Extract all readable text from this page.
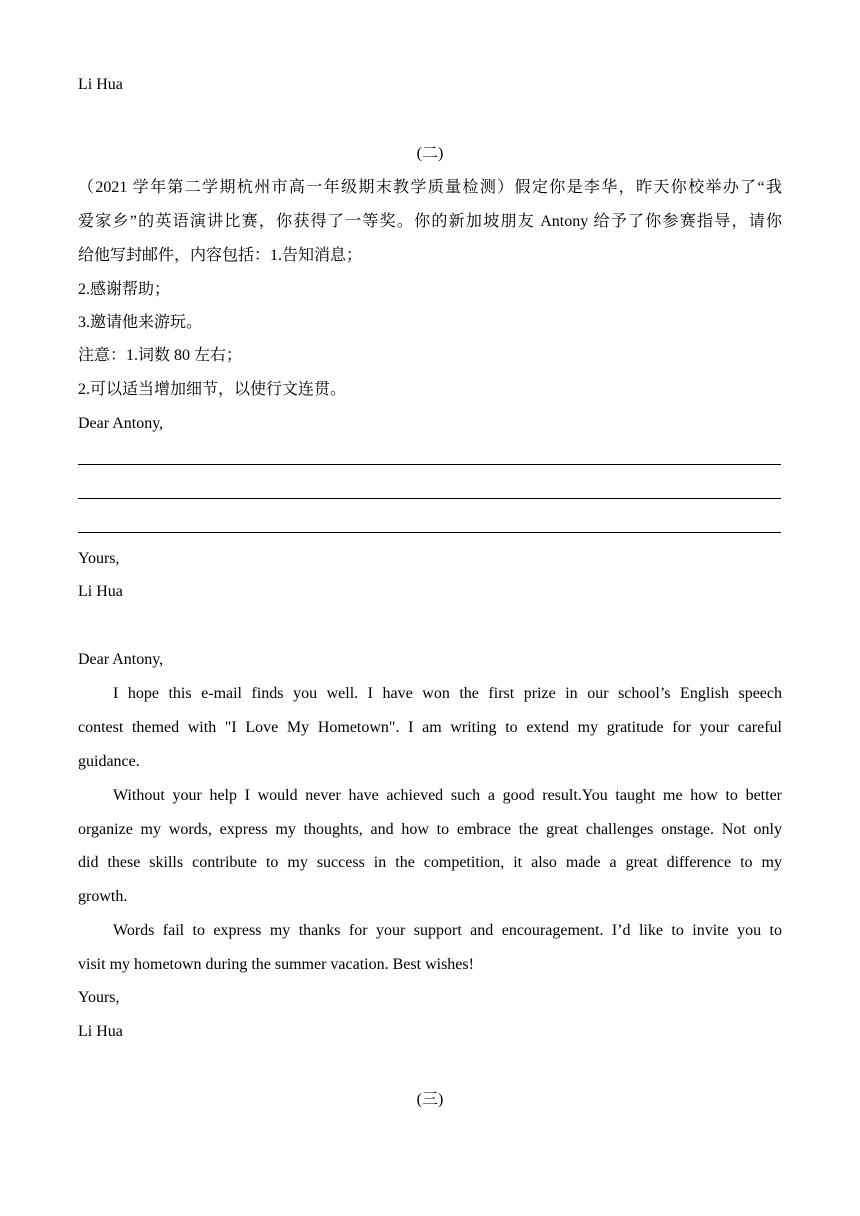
Li Hua
(二)
（2021 学年第二学期杭州市高一年级期末教学质量检测）假定你是李华，昨天你校举办了“我
爱家乡”的英语演讲比赛，你获得了一等奖。你的新加坡朋友 Antony 给予了你参赛指导，请你
给他写封邮件，内容包括：1.告知消息；
2.感谢帮助；
3.邀请他来游玩。
注意：1.词数 80 左右；
2.可以适当增加细节，以使行文连贯。
Dear Antony,
Yours,
Li Hua
Dear Antony,
I hope this e-mail finds you well. I have won the first prize in our school’s English speech
contest themed with "I Love My Hometown". I am writing to extend my gratitude for your careful
guidance.
Without your help I would never have achieved such a good result.You taught me how to better
organize my words, express my thoughts, and how to embrace the great challenges onstage. Not only
did these skills contribute to my success in the competition, it also made a great difference to my
growth.
Words fail to express my thanks for your support and encouragement. I’d like to invite you to
visit my hometown during the summer vacation. Best wishes!
Yours,
Li Hua
(三)
